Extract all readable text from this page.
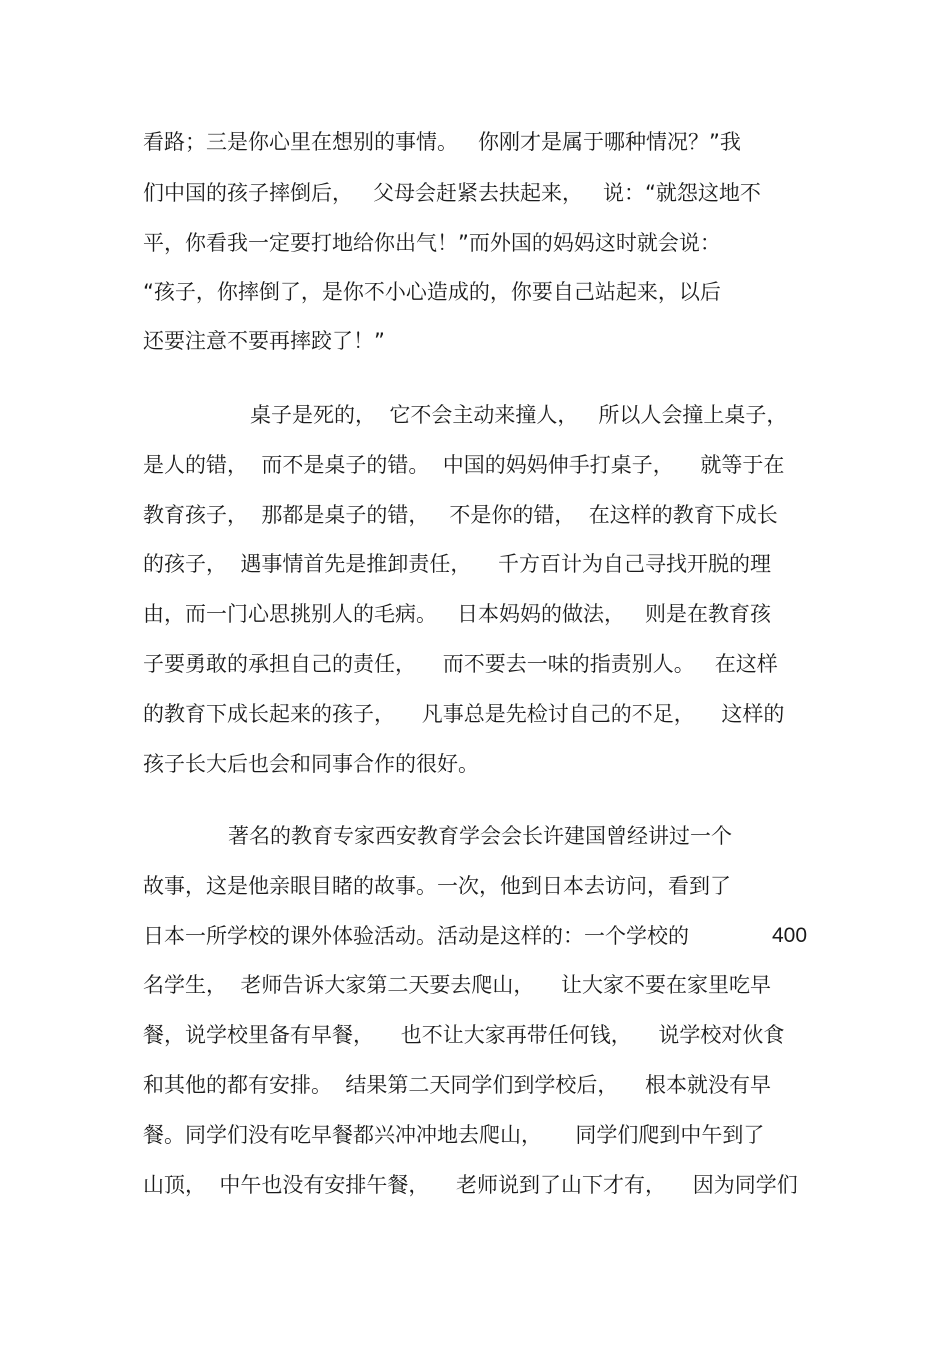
看路；三是你心里在想别的事情。   你刚才是属于哪种情况？”我

们中国的孩子摔倒后，   父母会赶紧去扶起来，   说：“就怨这地不

平，你看我一定要打地给你出气！”而外国的妈妈这时就会说：

“孩子，你摔倒了，是你不小心造成的，你要自己站起来，以后

还要注意不要再摔跤了！”

桌子是死的，  它不会主动来撞人，   所以人会撞上桌子，

是人的错，  而不是桌子的错。  中国的妈妈伸手打桌子，    就等于在

教育孩子，  那都是桌子的错，   不是你的错，  在这样的教育下成长

的孩子，  遇事情首先是推卸责任，    千方百计为自己寻找开脱的理

由，而一门心思挑别人的毛病。   日本妈妈的做法，   则是在教育孩

子要勇敢的承担自己的责任，    而不要去一味的指责别人。   在这样

的教育下成长起来的孩子，    凡事总是先检讨自己的不足，    这样的

孩子长大后也会和同事合作的很好。

著名的教育专家西安教育学会会长许建国曾经讲过一个

故事，这是他亲眼目睹的故事。一次，他到日本去访问，看到了

日本一所学校的课外体验活动。活动是这样的：一个学校的	400

名学生，  老师告诉大家第二天要去爬山，    让大家不要在家里吃早

餐，说学校里备有早餐，    也不让大家再带任何钱，    说学校对伙食

和其他的都有安排。  结果第二天同学们到学校后，    根本就没有早

餐。同学们没有吃早餐都兴冲冲地去爬山，     同学们爬到中午到了

山顶，  中午也没有安排午餐，    老师说到了山下才有，    因为同学们
